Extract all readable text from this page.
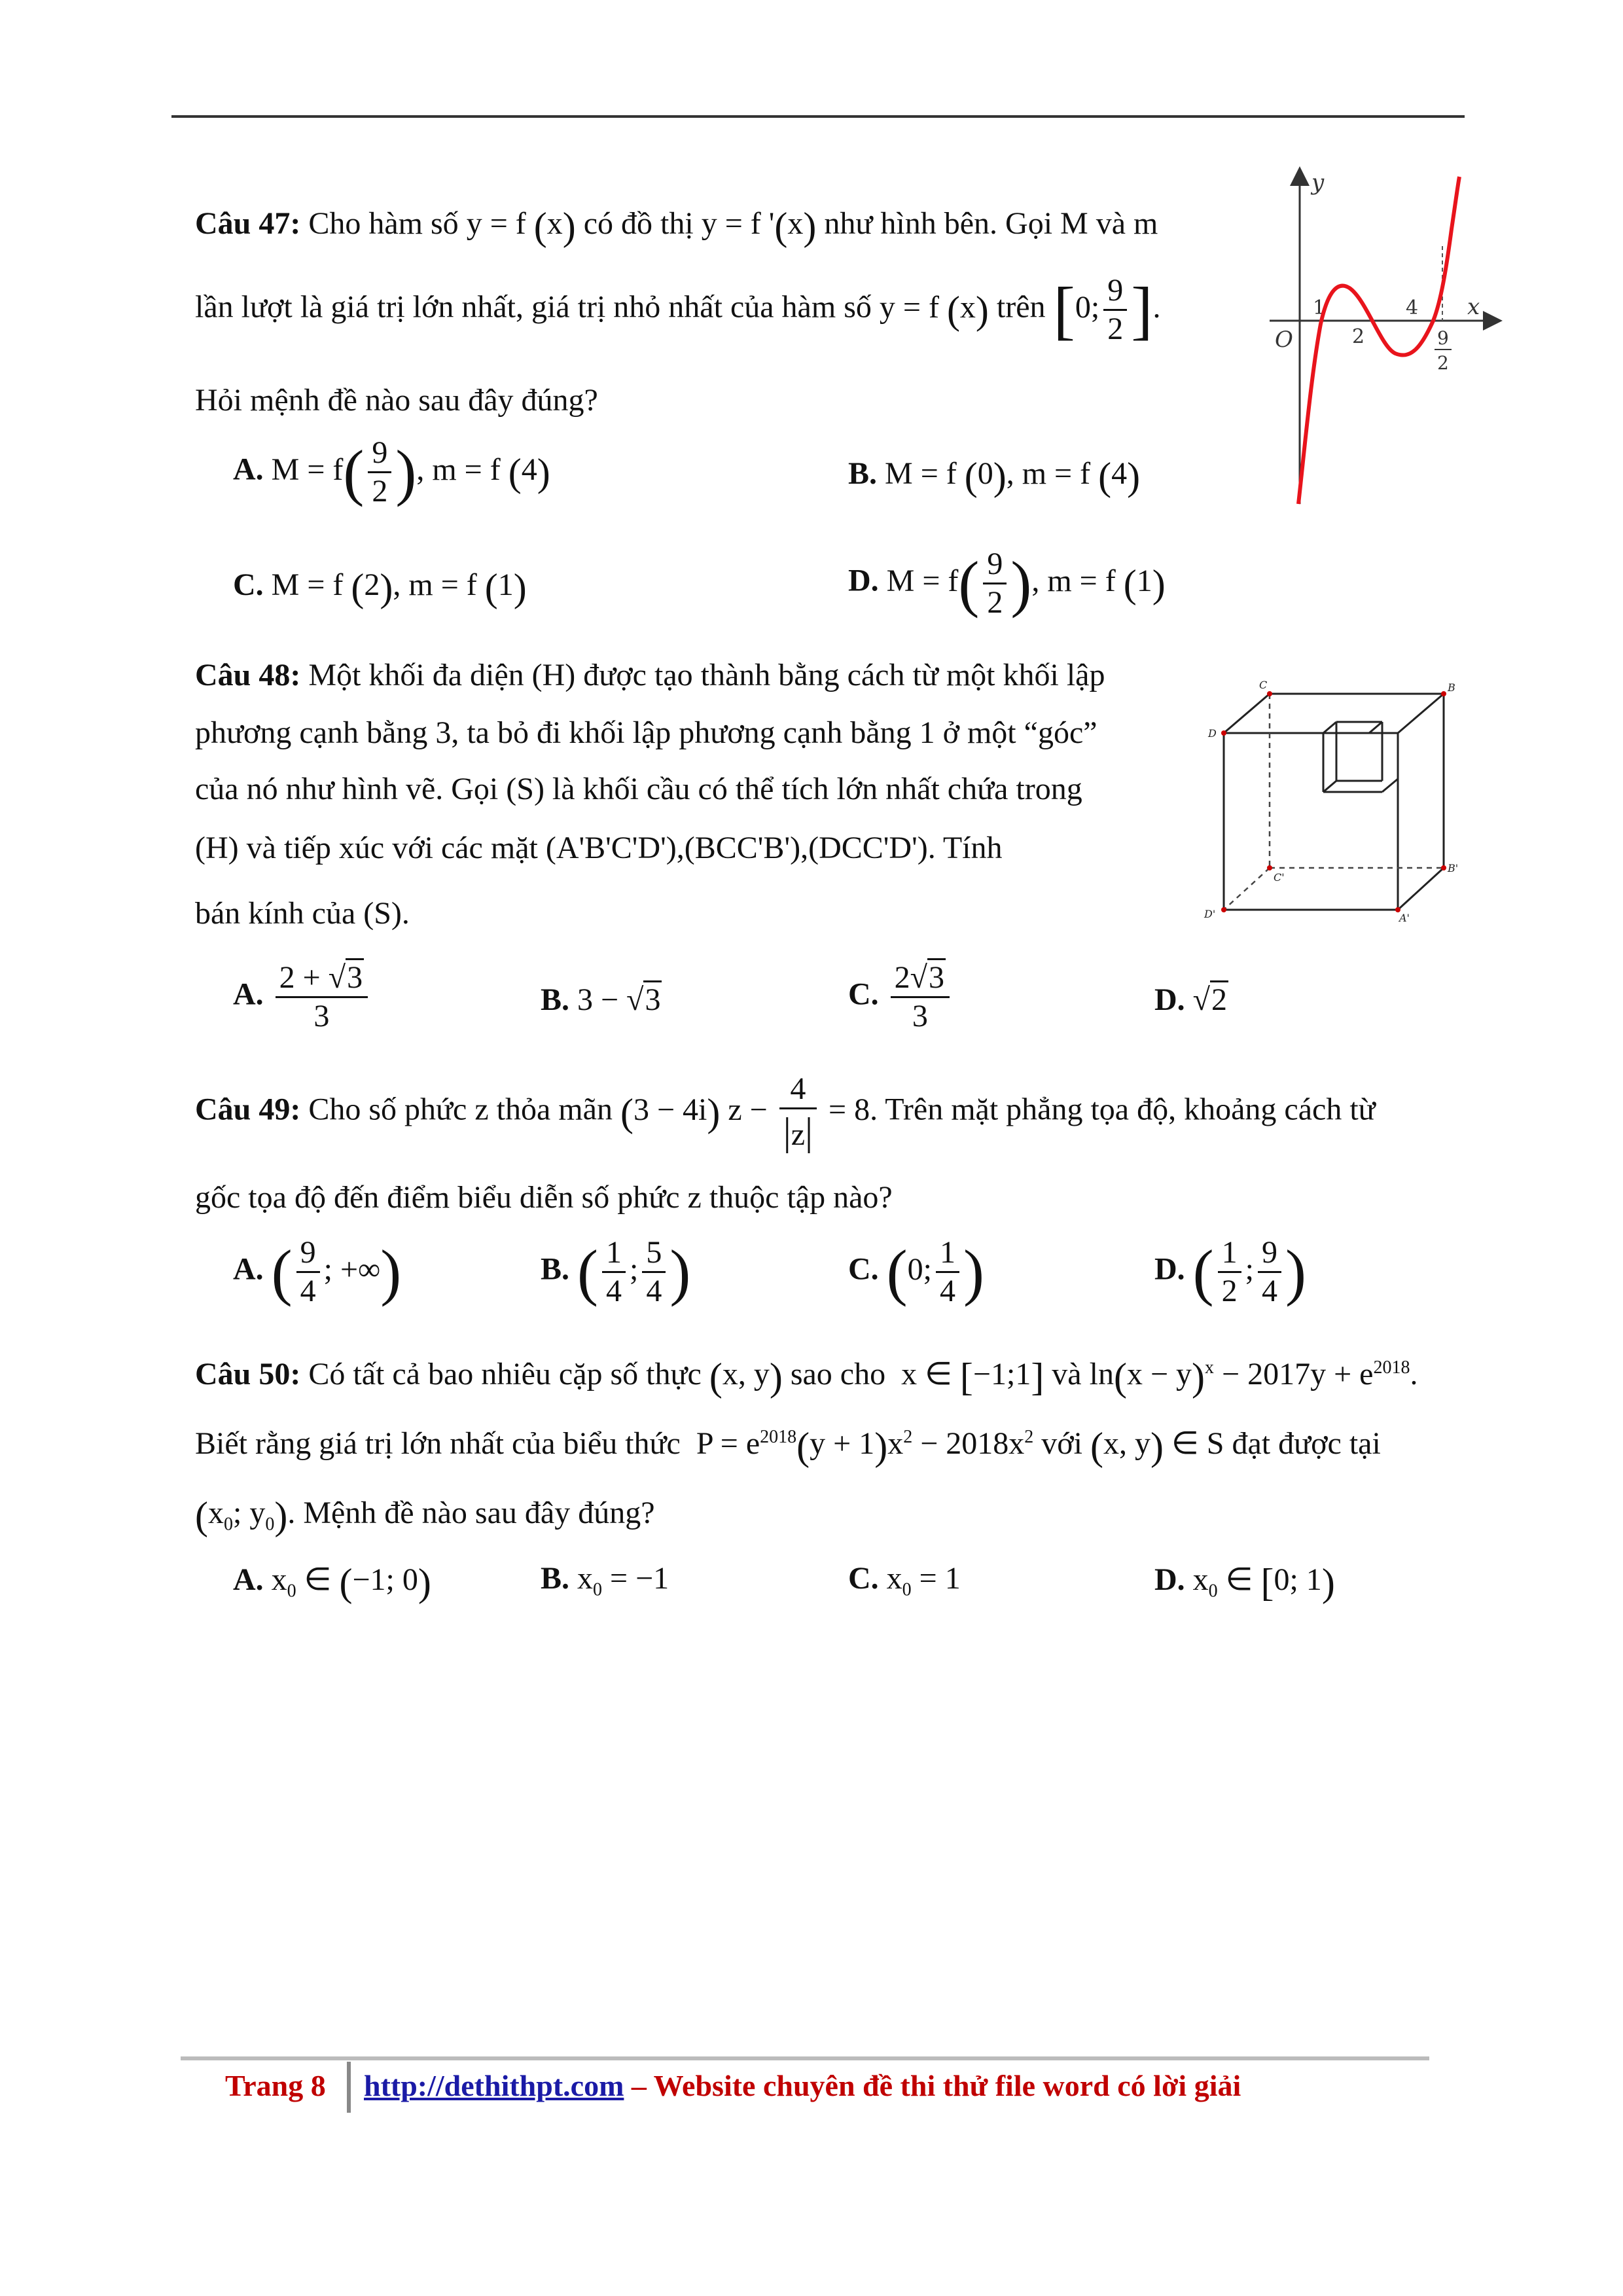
Câu 47: Cho hàm số y = f (x) có đồ thị y = f '(x) như hình bên. Gọi M và m
lần lượt là giá trị lớn nhất, giá trị nhỏ nhất của hàm số y = f (x) trên [0; $\frac{9}{2}$ ].
Hỏi mệnh đề nào sau đây đúng?
A. $M = f( \frac{9}{2}$ ), m = f (4)	B. M = f (0), m = f (4)
C. M = f (2), m = f (1)	D. $M = f( \frac{9}{2}$ ), m = f (1)
y
x
O
1
2
4
9
2
Câu 48: Một khối đa diện (H) được tạo thành bằng cách từ một khối lập
phương cạnh bằng 3, ta bỏ đi khối lập phương cạnh bằng 1 ở một “góc”
của nó như hình vẽ. Gọi (S) là khối cầu có thể tích lớn nhất chứa trong
(H) và tiếp xúc với các mặt (A'B'C'D'),(BCC'B'),(DCC'D'). Tính
bán kính của (S).
A. $\frac{2 + √3}{3}$	B. 3 − √3	C. $\frac{2√3}{3}$	D. √2
C	B
D
C'
B'
D'	A'
Câu 49: Cho số phức z thỏa mãn (3 − 4i) $z - \frac{4}{|z|} = 8$. Trên mặt phẳng tọa độ, khoảng cách từ
gốc tọa độ đến điểm biểu diễn số phức z thuộc tập nào?
A. ( $\frac{9}{4}$ ; +∞)	B. ( $\frac{1}{4}$ ; $\frac{5}{4}$ )	C. (0; $\frac{1}{4}$ )	D. ( $\frac{1}{2}$ ; $\frac{9}{4}$ )
Câu 50: Có tất cả bao nhiêu cặp số thực (x, y) sao cho  x ∈ [−1;1] và $\ln(x - y)^x - 2017y + e^{2018}$.
Biết rằng giá trị lớn nhất của biểu thức  $P = e^{2018}(y + 1)x^2 - 2018x^2$ với (x, y) ∈ S đạt được tại
($x_0$; $y_0$). Mệnh đề nào sau đây đúng?
A. $x_0$ ∈ (−1; 0)	B. $x_0 = -1$	C. $x_0 = 1$	D. $x_0$ ∈ [0; 1)
Trang 8 http://dethithpt.com – Website chuyên đề thi thử file word có lời giải
